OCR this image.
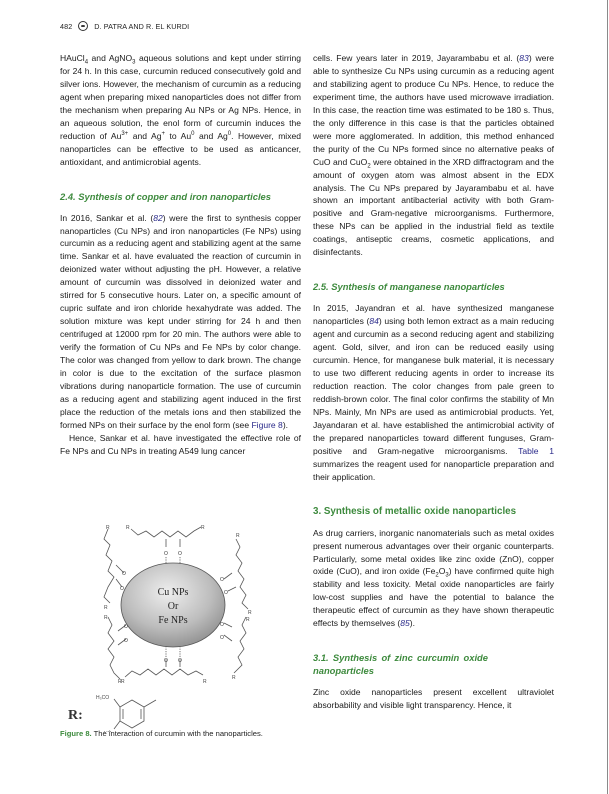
482	D. PATRA AND R. EL KURDI

HAuCl$_4$ and AgNO$_3$ aqueous solutions and kept under stirring for 24 h. In this case, curcumin reduced consecutively gold and silver ions. However, the mechanism of curcumin as a reducing agent when preparing mixed nanoparticles does not differ from the mechanism when preparing Au NPs or Ag NPs. Hence, in an aqueous solution, the enol form of curcumin induces the reduction of $Au^{3+}$ and Ag+ to Au$^0$ and Ag$^0$. However, mixed nanoparticles can be effective to be used as anticancer, antioxidant, and antimicrobial agents.

2.4. Synthesis of copper and iron nanoparticles

In 2016, Sankar et al. (82) were the first to synthesis copper nanoparticles (Cu NPs) and iron nanoparticles (Fe NPs) using curcumin as a reducing agent and stabilizing agent at the same time. Sankar et al. have evaluated the reaction of curcumin in deionized water without adjusting the pH. However, a relative amount of curcumin was dissolved in deionized water and stirred for 5 consecutive hours. Later on, a specific amount of cupric sulfate and iron chloride hexahydrate was added. The solution mixture was kept under stirring for 24 h and then centrifuged at 12000 rpm for 20 min. The authors were able to verify the formation of Cu NPs and Fe NPs by color change. The color was changed from yellow to dark brown. The change in color is due to the excitation of the surface plasmon vibrations during nanoparticle formation. The use of curcumin as a reducing agent and stabilizing agent induced in the first place the reduction of the metals ions and then stabilized the formed NPs on their surface by the enol form (see Figure 8).

Hence, Sankar et al. have investigated the effective role of Fe NPs and Cu NPs in treating A549 lung cancer

O O
O O
O
O
O
O
O
O
O
O
R	R
R	R
R
R
R
R
R
R
R
R
Cu NPs
Or
Fe NPs
R:
H₃CO
Figure 8. The interaction of curcumin with the nanoparticles.

cells. Few years later in 2019, Jayarambabu et al. (83) were able to synthesize Cu NPs using curcumin as a reducing agent and stabilizing agent to produce Cu NPs. Hence, to reduce the experiment time, the authors have used microwave irradiation. In this case, the reaction time was estimated to be 180 s. Thus, the only difference in this case is that the particles obtained were more agglomerated. In addition, this method enhanced the purity of the Cu NPs formed since no alternative peaks of CuO and CuO$_2$ were obtained in the XRD diffractogram and the amount of oxygen atom was almost absent in the EDX analysis. The Cu NPs prepared by Jayarambabu et al. have shown an important antibacterial activity with both Gram-positive and Gram-negative microorganisms. Furthermore, these NPs can be applied in the industrial field as textile coatings, antiseptic creams, cosmetic applications, and disinfectants.

2.5. Synthesis of manganese nanoparticles

In 2015, Jayandran et al. have synthesized manganese nanoparticles (84) using both lemon extract as a main reducing agent and curcumin as a second reducing agent and stabilizing agent. Gold, silver, and iron can be reduced easily using curcumin. Hence, for manganese bulk material, it is necessary to use two different reducing agents in order to increase its reduction reaction. The color changes from pale green to reddish-brown color. The final color confirms the stability of Mn NPs. Mainly, Mn NPs are used as antimicrobial products. Yet, Jayandaran et al. have established the antimicrobial activity of the prepared nanoparticles toward different funguses, Gram-positive and Gram-negative microorganisms. Table 1 summarizes the reagent used for nanoparticle preparation and their application.

3. Synthesis of metallic oxide nanoparticles

As drug carriers, inorganic nanomaterials such as metal oxides present numerous advantages over their organic counterparts. Particularly, some metal oxides like zinc oxide (ZnO), copper oxide (CuO), and iron oxide $(Fe_2O_3)$ have confirmed quite high stability and less toxicity. Metal oxide nanoparticles are fairly low-cost supplies and have the potential to balance the therapeutic effect of curcumin as they have shown therapeutic effects by themselves (85).

3.1. Synthesis of zinc curcumin oxide nanoparticles

Zinc oxide nanoparticles present excellent ultraviolet absorbability and visible light transparency. Hence, it
